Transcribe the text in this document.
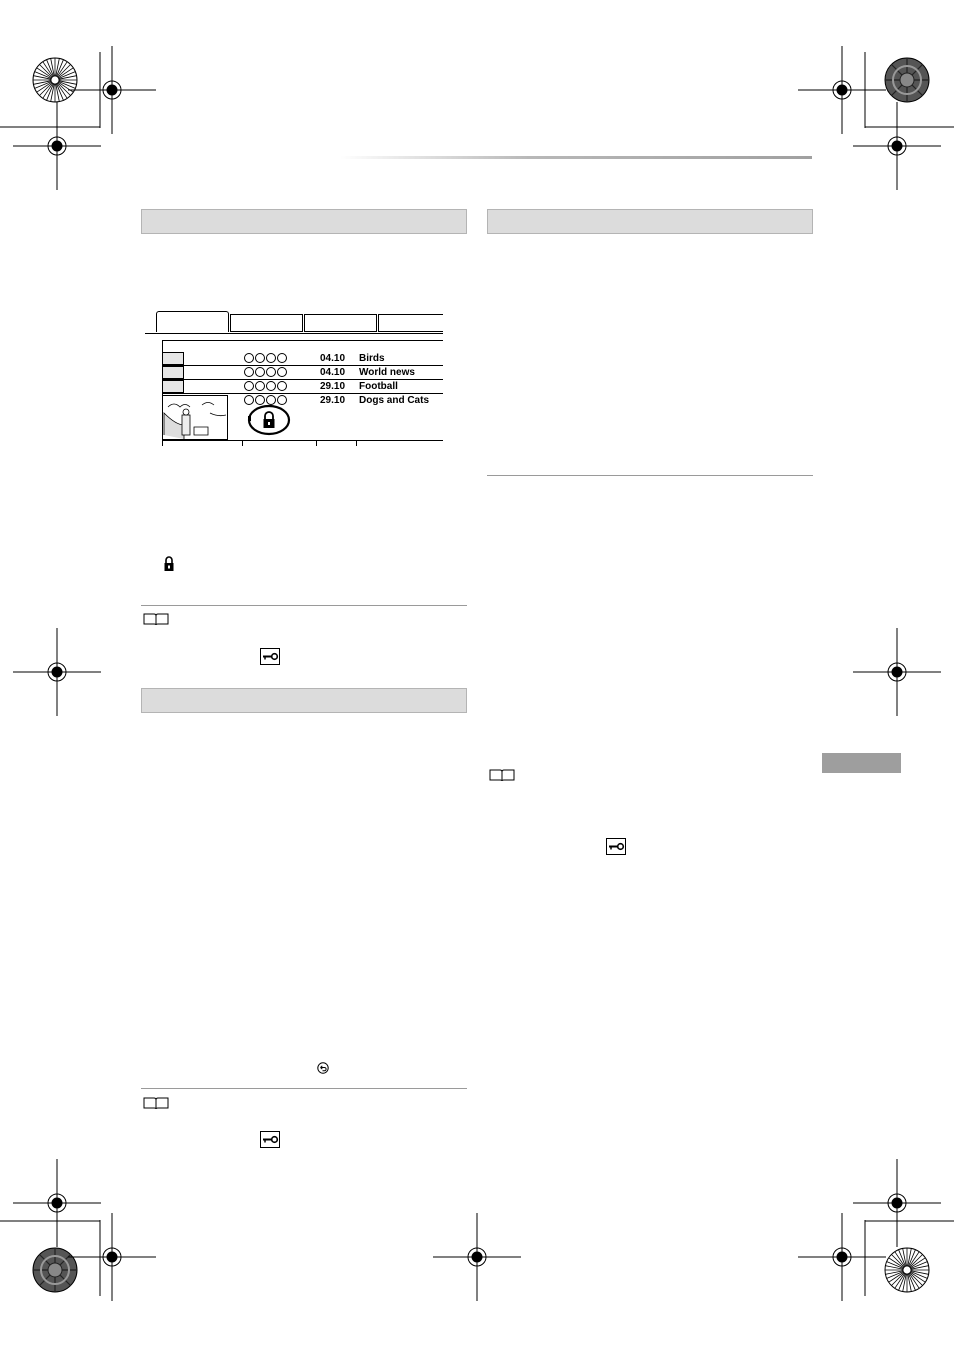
04.10 Birds
04.10 World news
29.10 Football
29.10 Dogs and Cats
